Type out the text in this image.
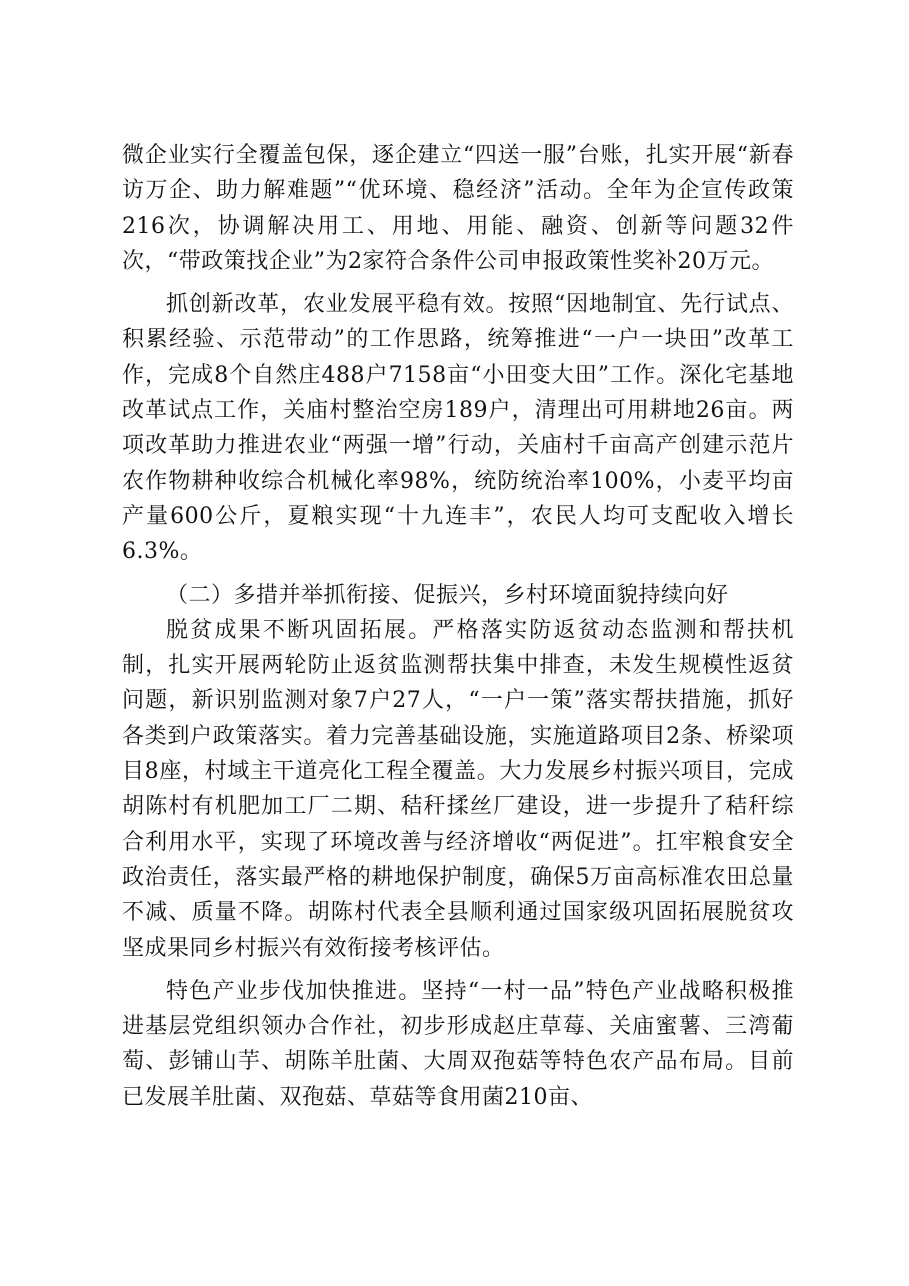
微企业实行全覆盖包保，逐企建立“四送一服”台账，扎实开展“新春访万企、助力解难题”“优环境、稳经济”活动。全年为企宣传政策216次，协调解决用工、用地、用能、融资、创新等问题32件次，“带政策找企业”为2家符合条件公司申报政策性奖补20万元。

抓创新改革，农业发展平稳有效。按照“因地制宜、先行试点、积累经验、示范带动”的工作思路，统筹推进“一户一块田”改革工作，完成8个自然庄488户7158亩“小田变大田”工作。深化宅基地改革试点工作，关庙村整治空房189户，清理出可用耕地26亩。两项改革助力推进农业“两强一增”行动，关庙村千亩高产创建示范片农作物耕种收综合机械化率98%，统防统治率100%，小麦平均亩产量600公斤，夏粮实现“十九连丰”，农民人均可支配收入增长6.3%。

（二）多措并举抓衔接、促振兴，乡村环境面貌持续向好

脱贫成果不断巩固拓展。严格落实防返贫动态监测和帮扶机制，扎实开展两轮防止返贫监测帮扶集中排查，未发生规模性返贫问题，新识别监测对象7户27人，“一户一策”落实帮扶措施，抓好各类到户政策落实。着力完善基础设施，实施道路项目2条、桥梁项目8座，村域主干道亮化工程全覆盖。大力发展乡村振兴项目，完成胡陈村有机肥加工厂二期、秸秆揉丝厂建设，进一步提升了秸秆综合利用水平，实现了环境改善与经济增收“两促进”。扛牢粮食安全政治责任，落实最严格的耕地保护制度，确保5万亩高标准农田总量不减、质量不降。胡陈村代表全县顺利通过国家级巩固拓展脱贫攻坚成果同乡村振兴有效衔接考核评估。

特色产业步伐加快推进。坚持“一村一品”特色产业战略积极推进基层党组织领办合作社，初步形成赵庄草莓、关庙蜜薯、三湾葡萄、彭铺山芋、胡陈羊肚菌、大周双孢菇等特色农产品布局。目前已发展羊肚菌、双孢菇、草菇等食用菌210亩、
